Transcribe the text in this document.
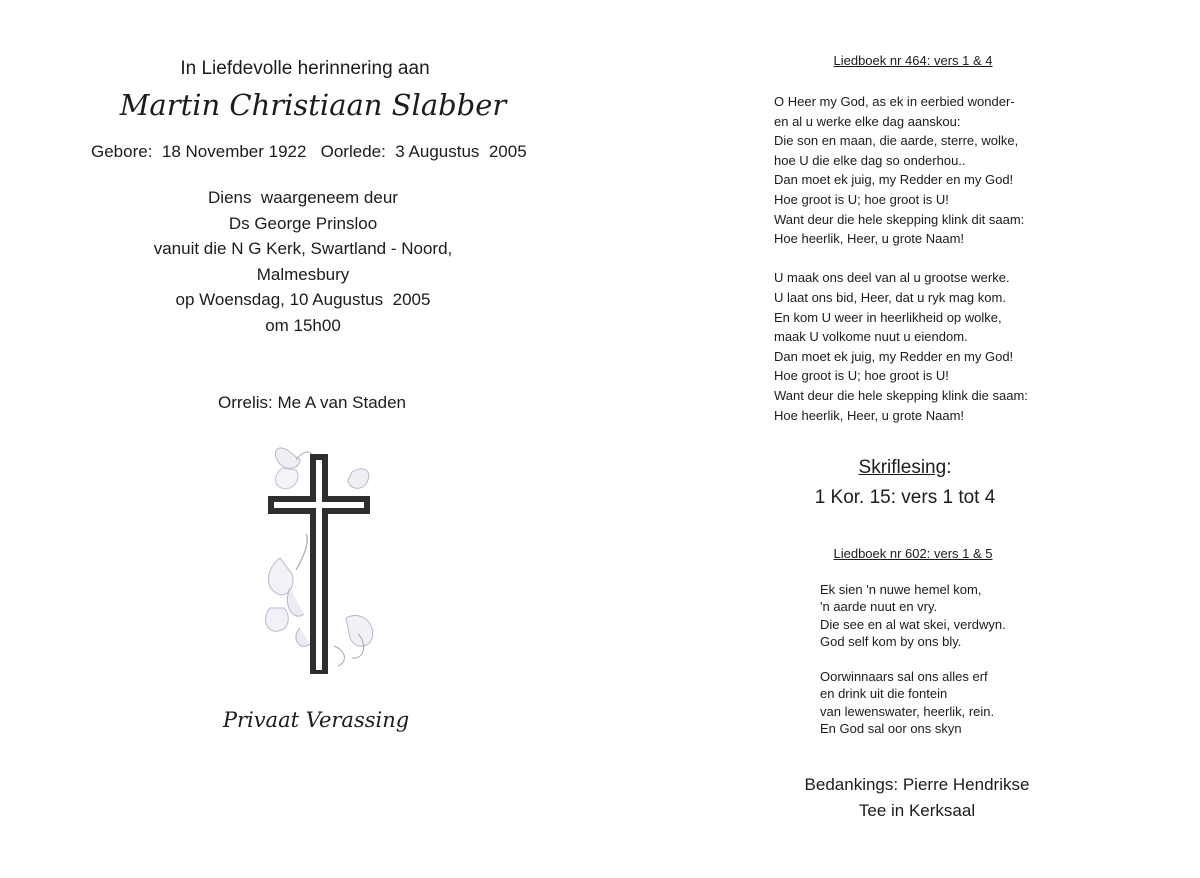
In Liefdevolle herinnering aan
Martin Christiaan Slabber
Gebore:  18 November 1922   Oorlede:  3 Augustus  2005
Diens  waargeneem deur
Ds George Prinsloo
vanuit die N G Kerk, Swartland - Noord,
Malmesbury
op Woensdag, 10 Augustus  2005
om 15h00
Orrelis: Me A van Staden
Privaat Verassing
Liedboek nr 464: vers 1 & 4
O Heer my God, as ek in eerbied wonder-
en al u werke elke dag aanskou:
Die son en maan, die aarde, sterre, wolke,
hoe U die elke dag so onderhou..
Dan moet ek juig, my Redder en my God!
Hoe groot is U; hoe groot is U!
Want deur die hele skepping klink dit saam:
Hoe heerlik, Heer, u grote Naam!
U maak ons deel van al u grootse werke.
U laat ons bid, Heer, dat u ryk mag kom.
En kom U weer in heerlikheid op wolke,
maak U volkome nuut u eiendom.
Dan moet ek juig, my Redder en my God!
Hoe groot is U; hoe groot is U!
Want deur die hele skepping klink die saam:
Hoe heerlik, Heer, u grote Naam!
Skriflesing:
1 Kor. 15: vers 1 tot 4
Liedboek nr 602: vers 1 & 5
Ek sien 'n nuwe hemel kom,
'n aarde nuut en vry.
Die see en al wat skei, verdwyn.
God self kom by ons bly.
Oorwinnaars sal ons alles erf
en drink uit die fontein
van lewenswater, heerlik, rein.
En God sal oor ons skyn
Bedankings: Pierre Hendrikse
Tee in Kerksaal
